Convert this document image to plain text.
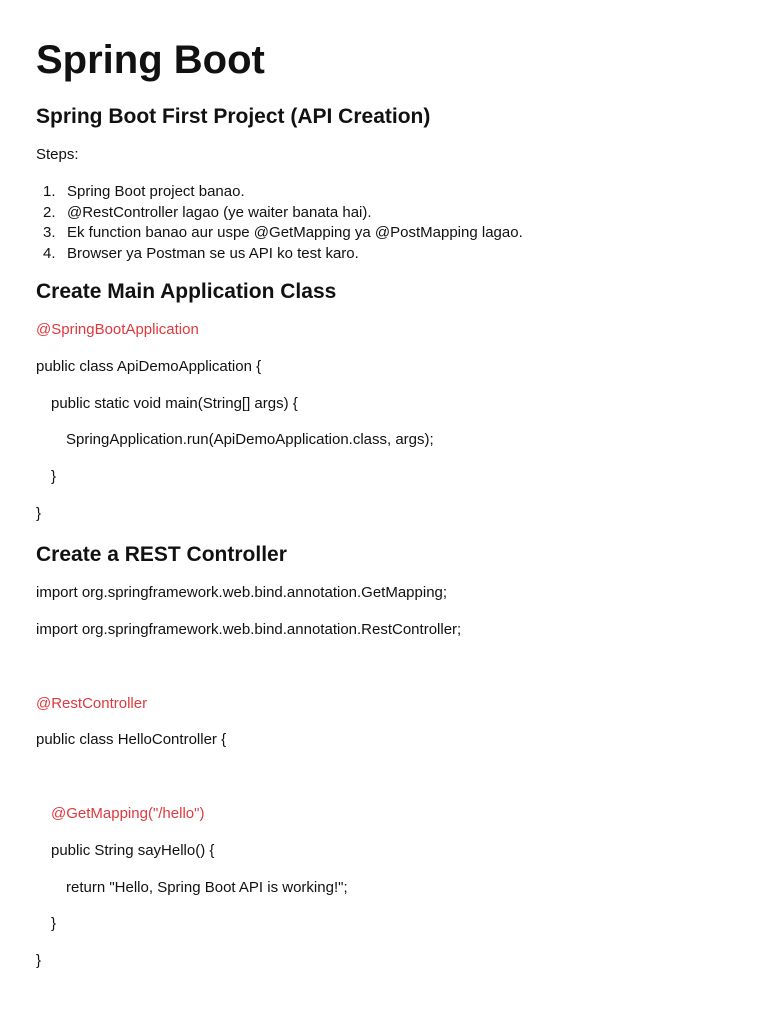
Spring Boot
Spring Boot First Project (API Creation)
Steps:
1. Spring Boot project banao.
2. @RestController lagao (ye waiter banata hai).
3. Ek function banao aur uspe @GetMapping ya @PostMapping lagao.
4. Browser ya Postman se us API ko test karo.
Create Main Application Class
@SpringBootApplication
public class ApiDemoApplication {
public static void main(String[] args) {
SpringApplication.run(ApiDemoApplication.class, args);
}
}
Create a REST Controller
import org.springframework.web.bind.annotation.GetMapping;
import org.springframework.web.bind.annotation.RestController;
@RestController
public class HelloController {
@GetMapping("/hello")
public String sayHello() {
return "Hello, Spring Boot API is working!";
}
}
